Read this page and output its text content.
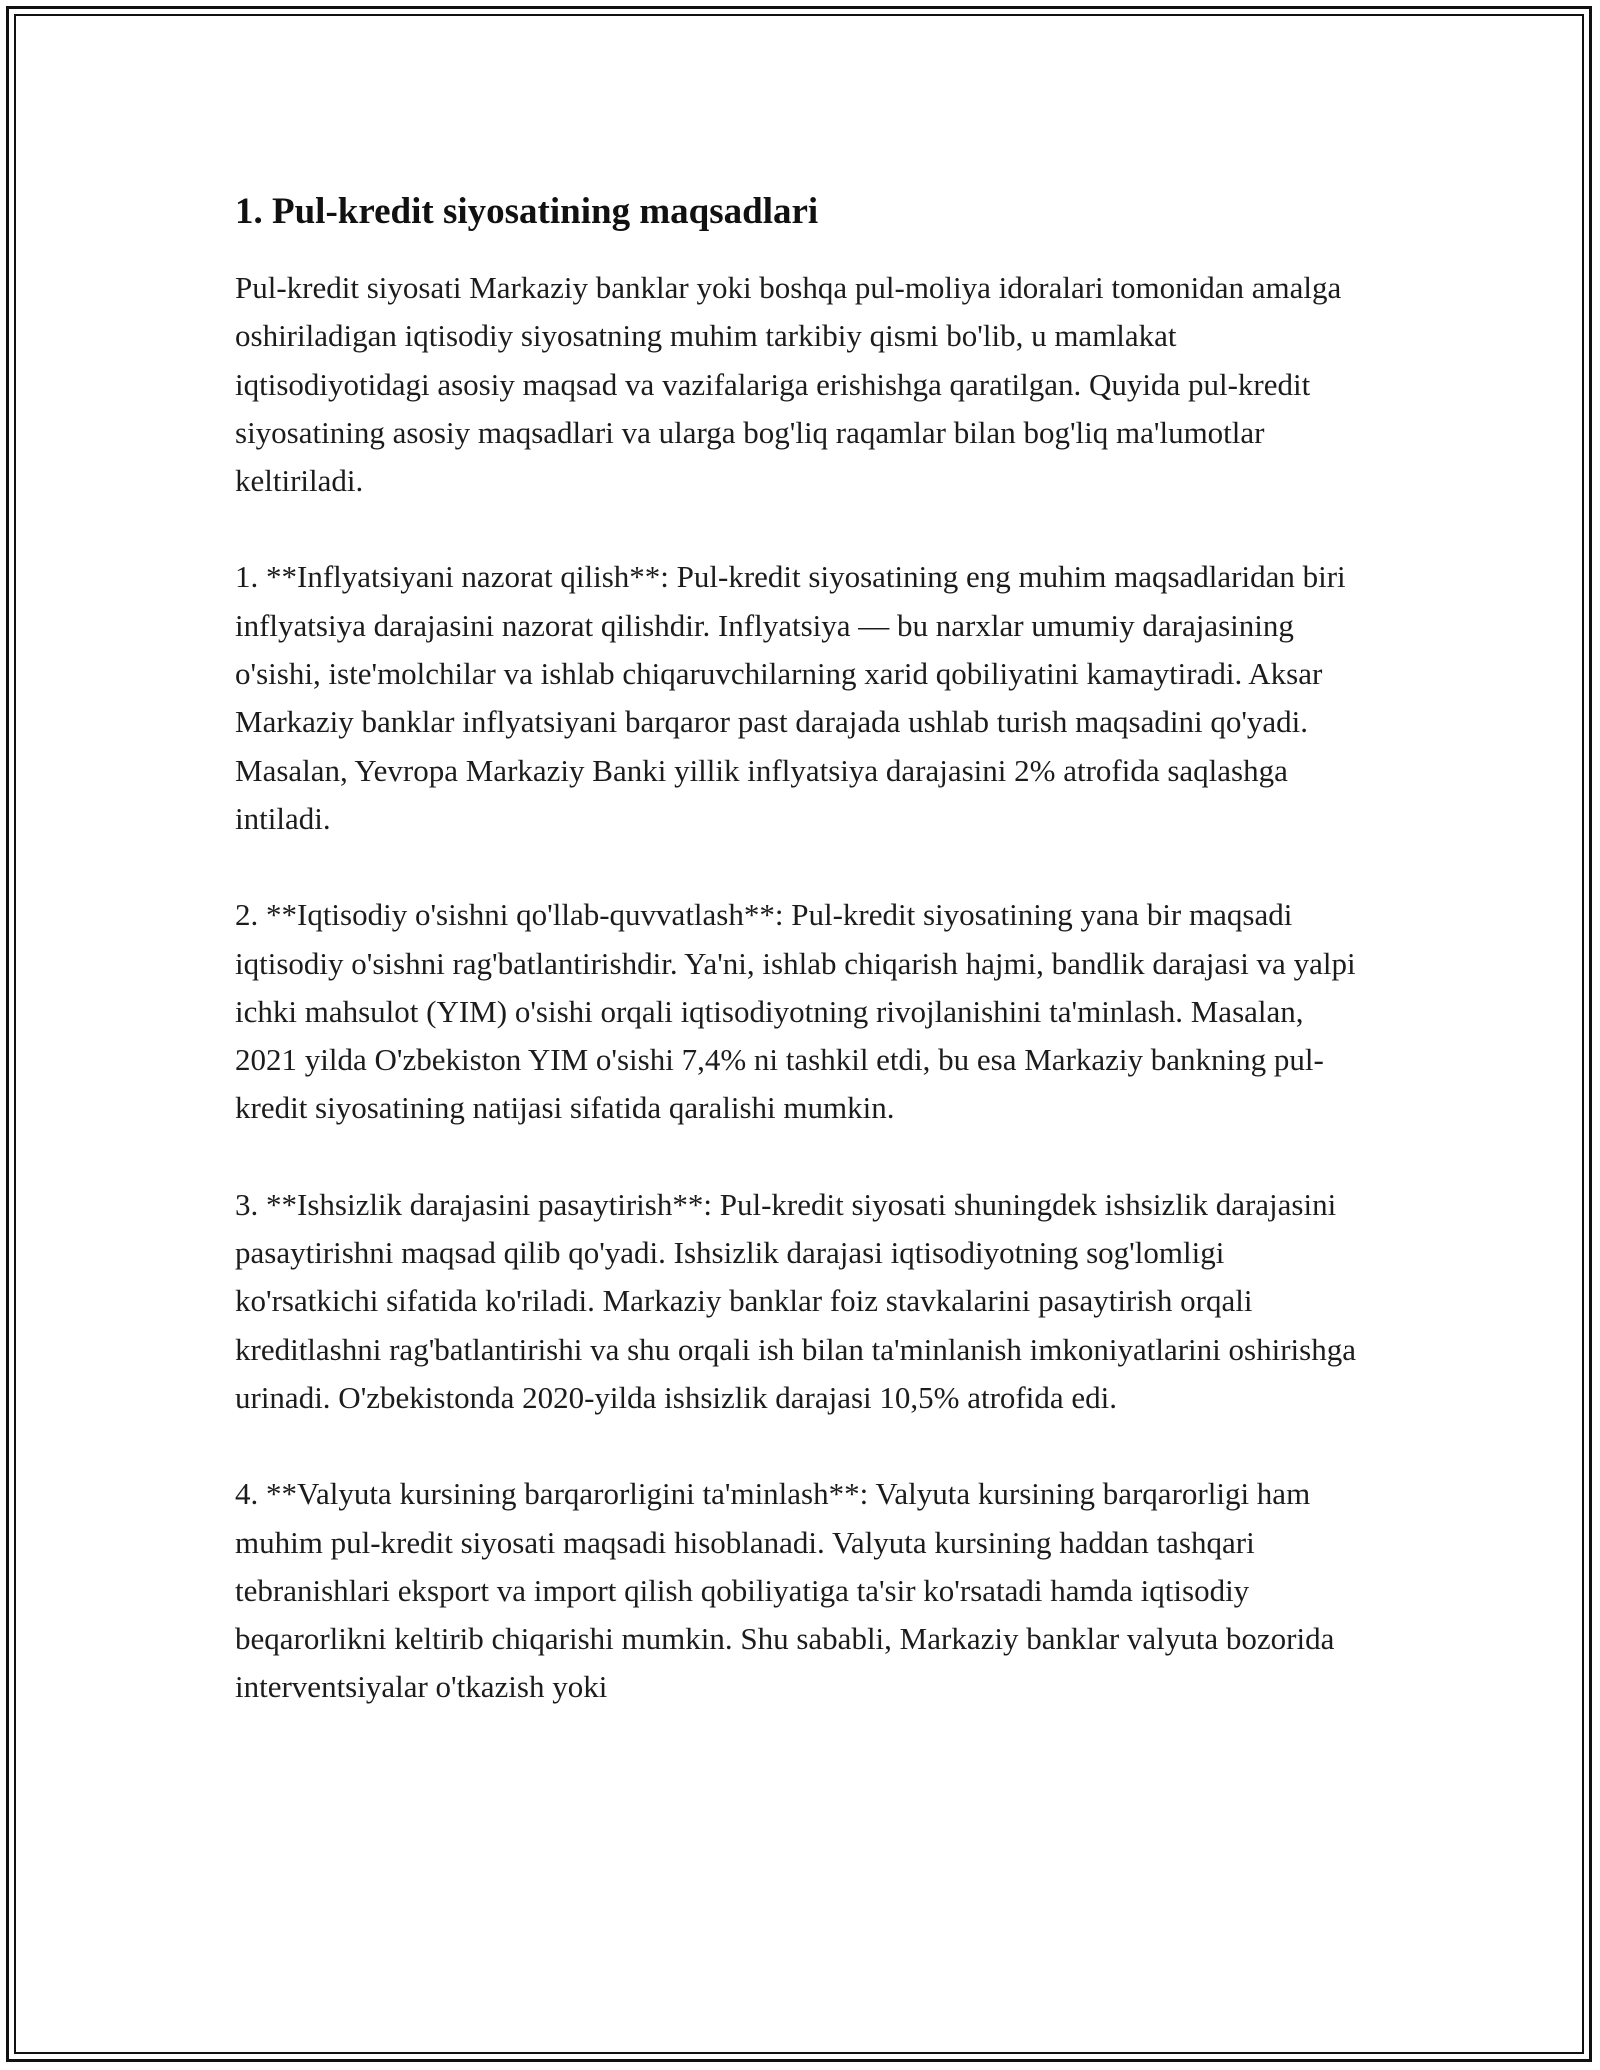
1. Pul-kredit siyosatining maqsadlari

Pul-kredit siyosati Markaziy banklar yoki boshqa pul-moliya idoralari tomonidan amalga oshiriladigan iqtisodiy siyosatning muhim tarkibiy qismi bo'lib, u mamlakat iqtisodiyotidagi asosiy maqsad va vazifalariga erishishga qaratilgan. Quyida pul-kredit siyosatining asosiy maqsadlari va ularga bog'liq raqamlar bilan bog'liq ma'lumotlar keltiriladi.

1. **Inflyatsiyani nazorat qilish**: Pul-kredit siyosatining eng muhim maqsadlaridan biri inflyatsiya darajasini nazorat qilishdir. Inflyatsiya — bu narxlar umumiy darajasining o'sishi, iste'molchilar va ishlab chiqaruvchilarning xarid qobiliyatini kamaytiradi. Aksar Markaziy banklar inflyatsiyani barqaror past darajada ushlab turish maqsadini qo'yadi. Masalan, Yevropa Markaziy Banki yillik inflyatsiya darajasini 2% atrofida saqlashga intiladi.

2. **Iqtisodiy o'sishni qo'llab-quvvatlash**: Pul-kredit siyosatining yana bir maqsadi iqtisodiy o'sishni rag'batlantirishdir. Ya'ni, ishlab chiqarish hajmi, bandlik darajasi va yalpi ichki mahsulot (YIM) o'sishi orqali iqtisodiyotning rivojlanishini ta'minlash. Masalan, 2021 yilda O'zbekiston YIM o'sishi 7,4% ni tashkil etdi, bu esa Markaziy bankning pul-kredit siyosatining natijasi sifatida qaralishi mumkin.

3. **Ishsizlik darajasini pasaytirish**: Pul-kredit siyosati shuningdek ishsizlik darajasini pasaytirishni maqsad qilib qo'yadi. Ishsizlik darajasi iqtisodiyotning sog'lomligi ko'rsatkichi sifatida ko'riladi. Markaziy banklar foiz stavkalarini pasaytirish orqali kreditlashni rag'batlantirishi va shu orqali ish bilan ta'minlanish imkoniyatlarini oshirishga urinadi. O'zbekistonda 2020-yilda ishsizlik darajasi 10,5% atrofida edi.

4. **Valyuta kursining barqarorligini ta'minlash**: Valyuta kursining barqarorligi ham muhim pul-kredit siyosati maqsadi hisoblanadi. Valyuta kursining haddan tashqari tebranishlari eksport va import qilish qobiliyatiga ta'sir ko'rsatadi hamda iqtisodiy beqarorlikni keltirib chiqarishi mumkin. Shu sababli, Markaziy banklar valyuta bozorida interventsiyalar o'tkazish yoki
